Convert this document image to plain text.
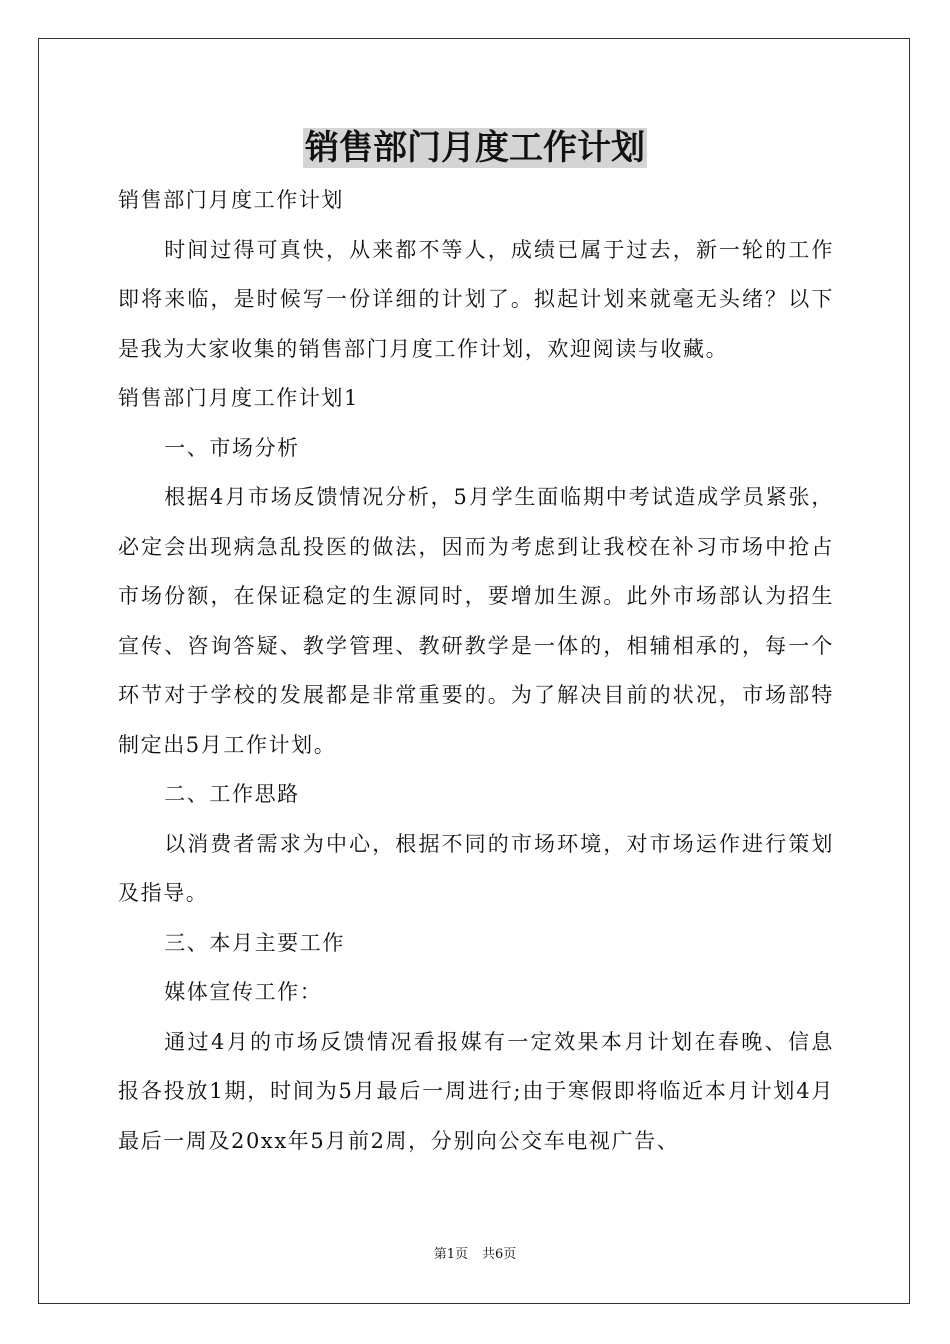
销售部门月度工作计划

销售部门月度工作计划

时间过得可真快，从来都不等人，成绩已属于过去，新一轮的工作即将来临，是时候写一份详细的计划了。拟起计划来就毫无头绪？以下是我为大家收集的销售部门月度工作计划，欢迎阅读与收藏。

销售部门月度工作计划1

一、市场分析

根据4月市场反馈情况分析，5月学生面临期中考试造成学员紧张，必定会出现病急乱投医的做法，因而为考虑到让我校在补习市场中抢占市场份额，在保证稳定的生源同时，要增加生源。此外市场部认为招生宣传、咨询答疑、教学管理、教研教学是一体的，相辅相承的，每一个环节对于学校的发展都是非常重要的。为了解决目前的状况，市场部特制定出5月工作计划。

二、工作思路

以消费者需求为中心，根据不同的市场环境，对市场运作进行策划及指导。

三、本月主要工作

媒体宣传工作：

通过4月的市场反馈情况看报媒有一定效果本月计划在春晚、信息报各投放1期，时间为5月最后一周进行;由于寒假即将临近本月计划4月最后一周及20xx年5月前2周，分别向公交车电视广告、

第1页 共6页
